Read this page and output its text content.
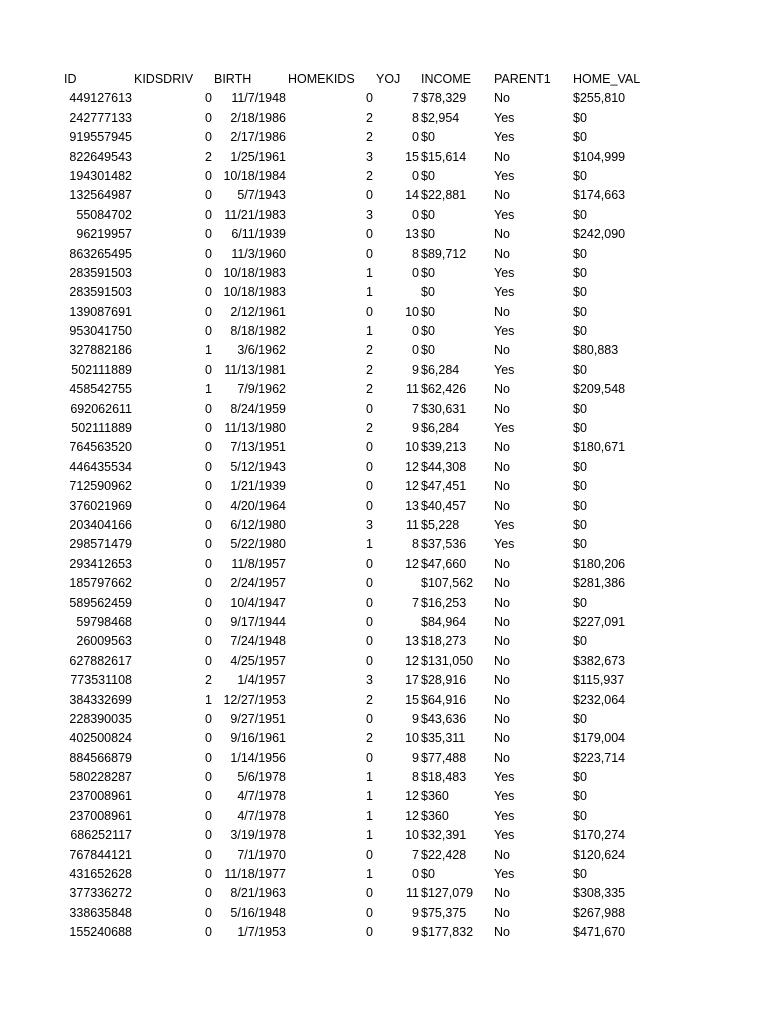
ID	KIDSDRIV BIRTH	HOMEKIDS YOJ INCOME PARENT1 HOME_VAL
449127613	0 11/7/1948	0	7 $78,329 No	$255,810
242777133	0 2/18/1986	2	8 $2,954	Yes	$0
919557945	0 2/17/1986	2	0 $0	Yes	$0
822649543	2 1/25/1961	3	15 $15,614 No	$104,999
194301482	0 10/18/1984	2	0 $0	Yes	$0
132564987	0 5/7/1943	0	14 $22,881 No	$174,663
55084702	0 11/21/1983	3	0 $0	Yes	$0
96219957	0 6/11/1939	0	13 $0	No	$242,090
863265495	0 11/3/1960	0	8 $89,712 No	$0
283591503	0 10/18/1983	1	0 $0	Yes	$0
283591503	0 10/18/1983	1	$0	Yes	$0
139087691	0 2/12/1961	0	10 $0	No	$0
953041750	0 8/18/1982	1	0 $0	Yes	$0
327882186	1 3/6/1962	2	0 $0	No	$80,883
502111889	0 11/13/1981	2	9 $6,284	Yes	$0
458542755	1 7/9/1962	2	11 $62,426 No	$209,548
692062611	0 8/24/1959	0	7 $30,631 No	$0
502111889	0 11/13/1980	2	9 $6,284	Yes	$0
764563520	0 7/13/1951	0	10 $39,213 No	$180,671
446435534	0 5/12/1943	0	12 $44,308 No	$0
712590962	0 1/21/1939	0	12 $47,451 No	$0
376021969	0 4/20/1964	0	13 $40,457 No	$0
203404166	0 6/12/1980	3	11 $5,228	Yes	$0
298571479	0 5/22/1980	1	8 $37,536 Yes	$0
293412653	0 11/8/1957	0	12 $47,660 No	$180,206
185797662	0 2/24/1957	0	$107,562 No	$281,386
589562459	0 10/4/1947	0	7 $16,253 No	$0
59798468	0 9/17/1944	0	$84,964 No	$227,091
26009563	0 7/24/1948	0	13 $18,273 No	$0
627882617	0 4/25/1957	0	12 $131,050 No	$382,673
773531108	2 1/4/1957	3	17 $28,916 No	$115,937
384332699	1 12/27/1953	2	15 $64,916 No	$232,064
228390035	0 9/27/1951	0	9 $43,636 No	$0
402500824	0 9/16/1961	2	10 $35,311 No	$179,004
884566879	0 1/14/1956	0	9 $77,488 No	$223,714
580228287	0 5/6/1978	1	8 $18,483 Yes	$0
237008961	0 4/7/1978	1	12 $360	Yes	$0
237008961	0 4/7/1978	1	12 $360	Yes	$0
686252117	0 3/19/1978	1	10 $32,391 Yes	$170,274
767844121	0 7/1/1970	0	7 $22,428 No	$120,624
431652628	0 11/18/1977	1	0 $0	Yes	$0
377336272	0 8/21/1963	0	11 $127,079 No	$308,335
338635848	0 5/16/1948	0	9 $75,375 No	$267,988
155240688	0 1/7/1953	0	9 $177,832 No	$471,670
